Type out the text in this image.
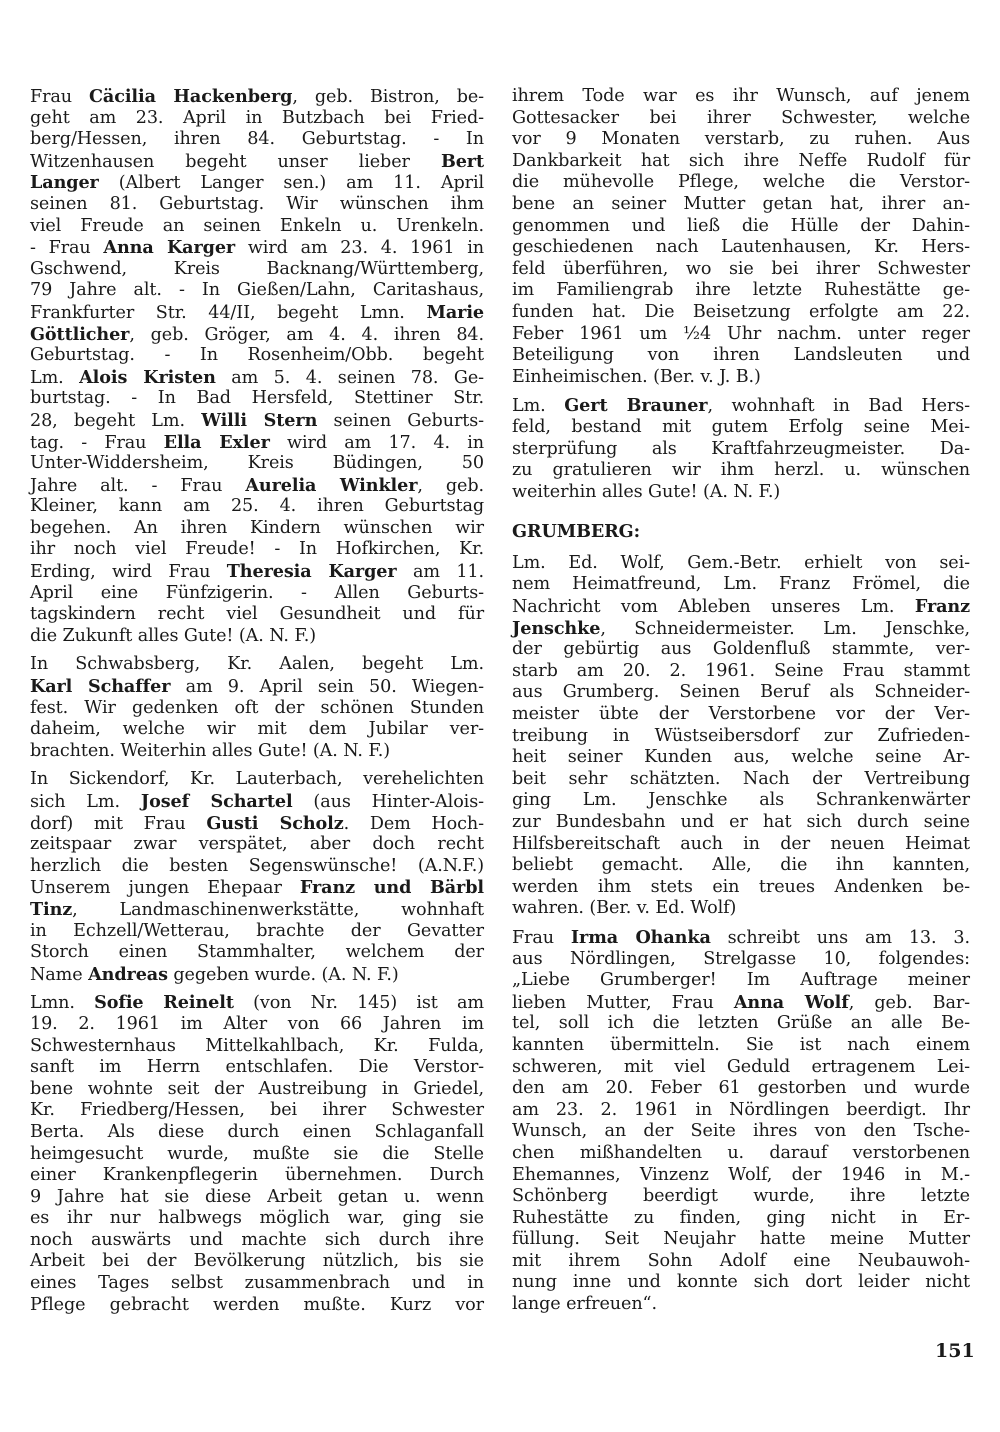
Frau Cäcilia Hackenberg, geb. Bistron, be-
geht am 23. April in Butzbach bei Fried-
berg/Hessen, ihren 84. Geburtstag. - In
Witzenhausen begeht unser lieber Bert
Langer (Albert Langer sen.) am 11. April
seinen 81. Geburtstag. Wir wünschen ihm
viel Freude an seinen Enkeln u. Urenkeln.
- Frau Anna Karger wird am 23. 4. 1961 in
Gschwend, Kreis Backnang/Württemberg,
79 Jahre alt. - In Gießen/Lahn, Caritashaus,
Frankfurter Str. 44/II, begeht Lmn. Marie
Göttlicher, geb. Gröger, am 4. 4. ihren 84.
Geburtstag. - In Rosenheim/Obb. begeht
Lm. Alois Kristen am 5. 4. seinen 78. Ge-
burtstag. - In Bad Hersfeld, Stettiner Str.
28, begeht Lm. Willi Stern seinen Geburts-
tag. - Frau Ella Exler wird am 17. 4. in
Unter-Widdersheim, Kreis Büdingen, 50
Jahre alt. - Frau Aurelia Winkler, geb.
Kleiner, kann am 25. 4. ihren Geburtstag
begehen. An ihren Kindern wünschen wir
ihr noch viel Freude! - In Hofkirchen, Kr.
Erding, wird Frau Theresia Karger am 11.
April eine Fünfzigerin. - Allen Geburts-
tagskindern recht viel Gesundheit und für
die Zukunft alles Gute! (A. N. F.)
In Schwabsberg, Kr. Aalen, begeht Lm.
Karl Schaffer am 9. April sein 50. Wiegen-
fest. Wir gedenken oft der schönen Stunden
daheim, welche wir mit dem Jubilar ver-
brachten. Weiterhin alles Gute! (A. N. F.)
In Sickendorf, Kr. Lauterbach, verehelichten
sich Lm. Josef Schartel (aus Hinter-Alois-
dorf) mit Frau Gusti Scholz. Dem Hoch-
zeitspaar zwar verspätet, aber doch recht
herzlich die besten Segenswünsche! (A.N.F.)
Unserem jungen Ehepaar Franz und Bärbl
Tinz, Landmaschinenwerkstätte, wohnhaft
in Echzell/Wetterau, brachte der Gevatter
Storch einen Stammhalter, welchem der
Name Andreas gegeben wurde. (A. N. F.)
Lmn. Sofie Reinelt (von Nr. 145) ist am
19. 2. 1961 im Alter von 66 Jahren im
Schwesternhaus Mittelkahlbach, Kr. Fulda,
sanft im Herrn entschlafen. Die Verstor-
bene wohnte seit der Austreibung in Griedel,
Kr. Friedberg/Hessen, bei ihrer Schwester
Berta. Als diese durch einen Schlaganfall
heimgesucht wurde, mußte sie die Stelle
einer Krankenpflegerin übernehmen. Durch
9 Jahre hat sie diese Arbeit getan u. wenn
es ihr nur halbwegs möglich war, ging sie
noch auswärts und machte sich durch ihre
Arbeit bei der Bevölkerung nützlich, bis sie
eines Tages selbst zusammenbrach und in
Pflege gebracht werden mußte. Kurz vor
ihrem Tode war es ihr Wunsch, auf jenem
Gottesacker bei ihrer Schwester, welche
vor 9 Monaten verstarb, zu ruhen. Aus
Dankbarkeit hat sich ihre Neffe Rudolf für
die mühevolle Pflege, welche die Verstor-
bene an seiner Mutter getan hat, ihrer an-
genommen und ließ die Hülle der Dahin-
geschiedenen nach Lautenhausen, Kr. Hers-
feld überführen, wo sie bei ihrer Schwester
im Familiengrab ihre letzte Ruhestätte ge-
funden hat. Die Beisetzung erfolgte am 22.
Feber 1961 um ½4 Uhr nachm. unter reger
Beteiligung von ihren Landsleuten und
Einheimischen. (Ber. v. J. B.)
Lm. Gert Brauner, wohnhaft in Bad Hers-
feld, bestand mit gutem Erfolg seine Mei-
sterprüfung als Kraftfahrzeugmeister. Da-
zu gratulieren wir ihm herzl. u. wünschen
weiterhin alles Gute! (A. N. F.)
GRUMBERG:
Lm. Ed. Wolf, Gem.-Betr. erhielt von sei-
nem Heimatfreund, Lm. Franz Frömel, die
Nachricht vom Ableben unseres Lm. Franz
Jenschke, Schneidermeister. Lm. Jenschke,
der gebürtig aus Goldenfluß stammte, ver-
starb am 20. 2. 1961. Seine Frau stammt
aus Grumberg. Seinen Beruf als Schneider-
meister übte der Verstorbene vor der Ver-
treibung in Wüstseibersdorf zur Zufrieden-
heit seiner Kunden aus, welche seine Ar-
beit sehr schätzten. Nach der Vertreibung
ging Lm. Jenschke als Schrankenwärter
zur Bundesbahn und er hat sich durch seine
Hilfsbereitschaft auch in der neuen Heimat
beliebt gemacht. Alle, die ihn kannten,
werden ihm stets ein treues Andenken be-
wahren. (Ber. v. Ed. Wolf)
Frau Irma Ohanka schreibt uns am 13. 3.
aus Nördlingen, Strelgasse 10, folgendes:
„Liebe Grumberger! Im Auftrage meiner
lieben Mutter, Frau Anna Wolf, geb. Bar-
tel, soll ich die letzten Grüße an alle Be-
kannten übermitteln. Sie ist nach einem
schweren, mit viel Geduld ertragenem Lei-
den am 20. Feber 61 gestorben und wurde
am 23. 2. 1961 in Nördlingen beerdigt. Ihr
Wunsch, an der Seite ihres von den Tsche-
chen mißhandelten u. darauf verstorbenen
Ehemannes, Vinzenz Wolf, der 1946 in M.-
Schönberg beerdigt wurde, ihre letzte
Ruhestätte zu finden, ging nicht in Er-
füllung. Seit Neujahr hatte meine Mutter
mit ihrem Sohn Adolf eine Neubauwoh-
nung inne und konnte sich dort leider nicht
lange erfreuen“.
151
